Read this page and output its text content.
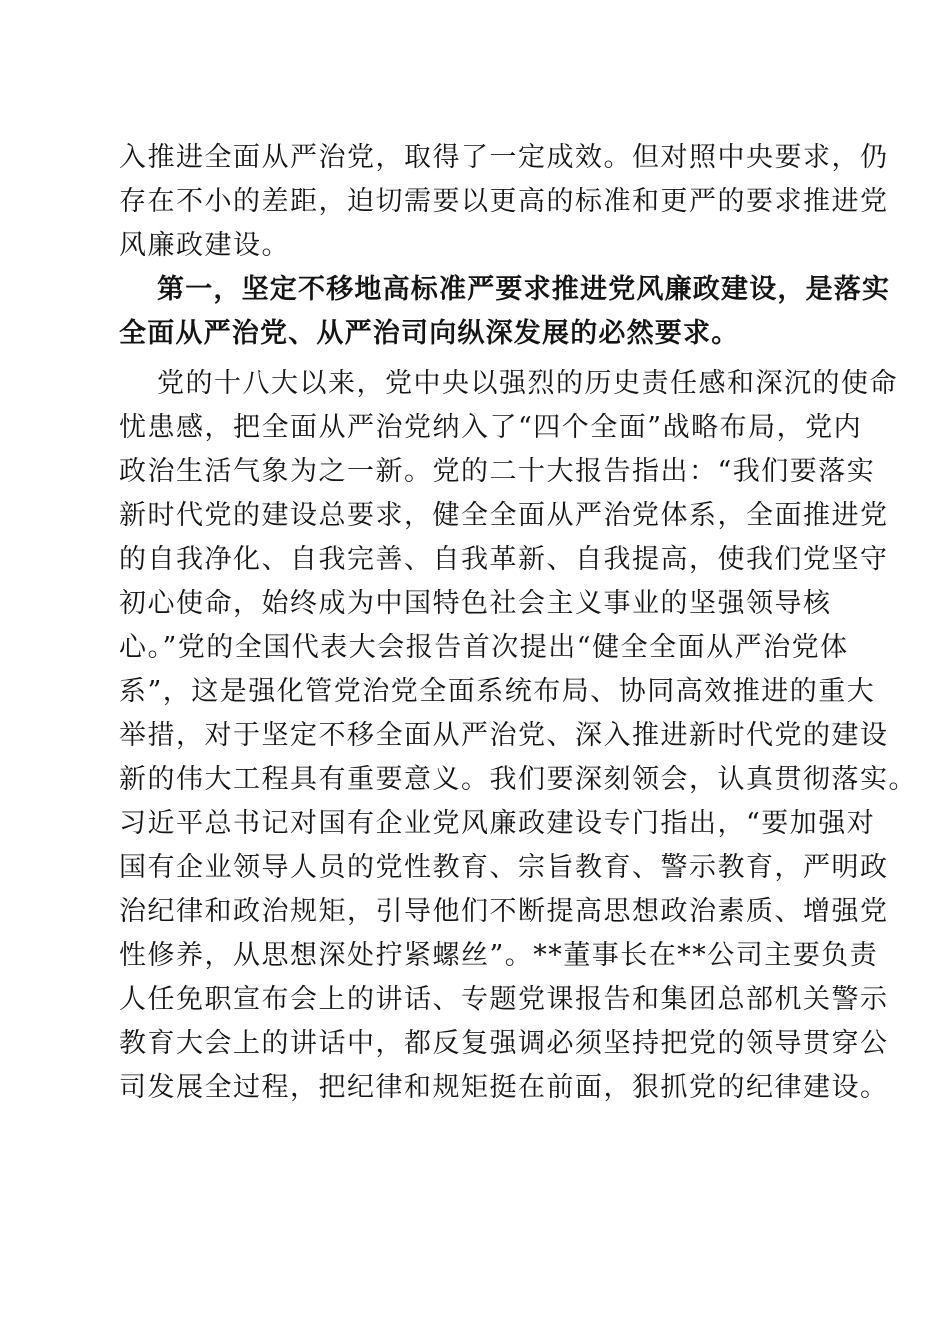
入推进全面从严治党，取得了一定成效。但对照中央要求，仍
存在不小的差距，迫切需要以更高的标准和更严的要求推进党
风廉政建设。
第一，坚定不移地高标准严要求推进党风廉政建设，是落实
全面从严治党、从严治司向纵深发展的必然要求。
党的十八大以来，党中央以强烈的历史责任感和深沉的使命
忧患感，把全面从严治党纳入了“四个全面”战略布局，党内
政治生活气象为之一新。党的二十大报告指出：“我们要落实
新时代党的建设总要求，健全全面从严治党体系，全面推进党
的自我净化、自我完善、自我革新、自我提高，使我们党坚守
初心使命，始终成为中国特色社会主义事业的坚强领导核
心。”党的全国代表大会报告首次提出“健全全面从严治党体
系”，这是强化管党治党全面系统布局、协同高效推进的重大
举措，对于坚定不移全面从严治党、深入推进新时代党的建设
新的伟大工程具有重要意义。我们要深刻领会，认真贯彻落实。
习近平总书记对国有企业党风廉政建设专门指出，“要加强对
国有企业领导人员的党性教育、宗旨教育、警示教育，严明政
治纪律和政治规矩，引导他们不断提高思想政治素质、增强党
性修养，从思想深处拧紧螺丝”。**董事长在**公司主要负责
人任免职宣布会上的讲话、专题党课报告和集团总部机关警示
教育大会上的讲话中，都反复强调必须坚持把党的领导贯穿公
司发展全过程，把纪律和规矩挺在前面，狠抓党的纪律建设。
